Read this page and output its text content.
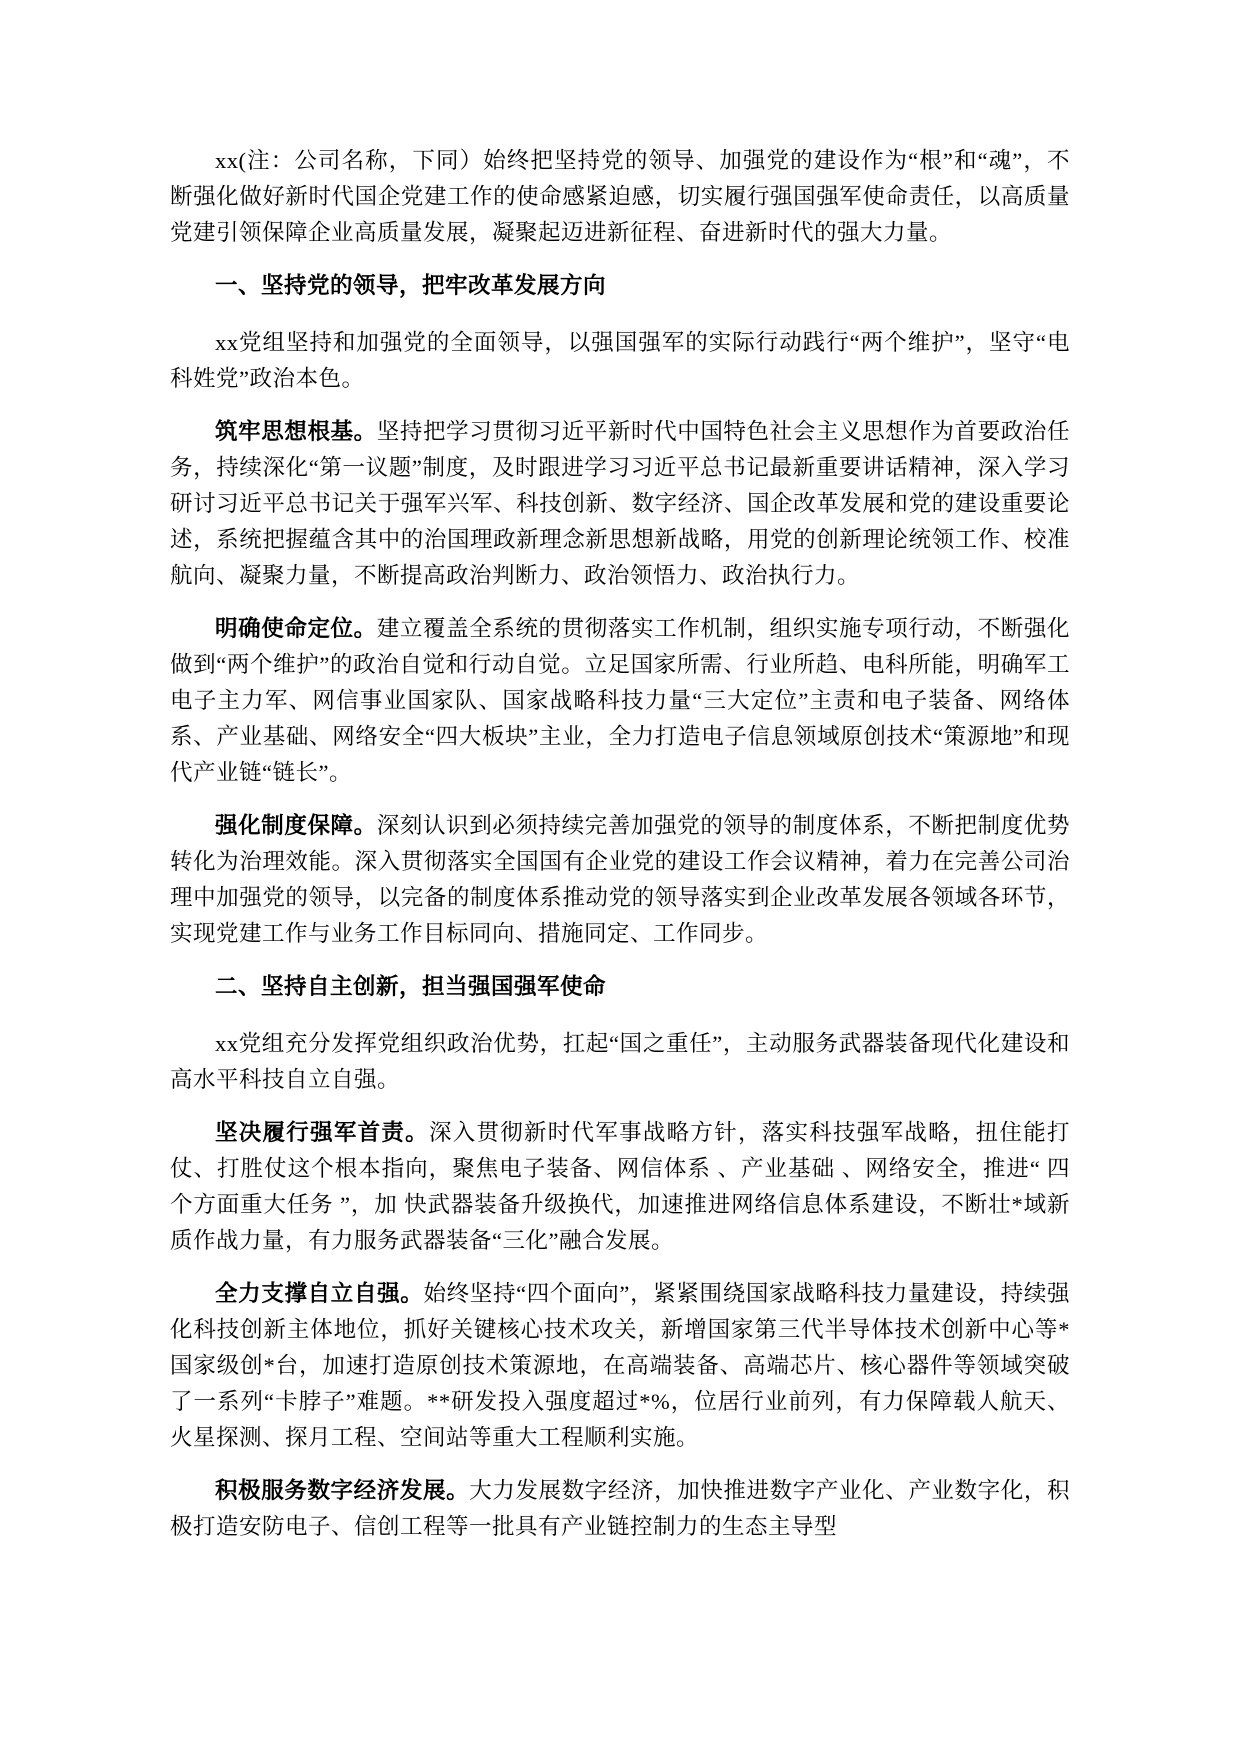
xx(注：公司名称，下同）始终把坚持党的领导、加强党的建设作为“根”和“魂”，不断强化做好新时代国企党建工作的使命感紧迫感，切实履行强国强军使命责任，以高质量党建引领保障企业高质量发展，凝聚起迈进新征程、奋进新时代的强大力量。

一、坚持党的领导，把牢改革发展方向

xx党组坚持和加强党的全面领导，以强国强军的实际行动践行“两个维护”，坚守“电科姓党”政治本色。

筑牢思想根基。坚持把学习贯彻习近平新时代中国特色社会主义思想作为首要政治任务，持续深化“第一议题”制度，及时跟进学习习近平总书记最新重要讲话精神，深入学习研讨习近平总书记关于强军兴军、科技创新、数字经济、国企改革发展和党的建设重要论述，系统把握蕴含其中的治国理政新理念新思想新战略，用党的创新理论统领工作、校准航向、凝聚力量，不断提高政治判断力、政治领悟力、政治执行力。

明确使命定位。建立覆盖全系统的贯彻落实工作机制，组织实施专项行动，不断强化做到“两个维护”的政治自觉和行动自觉。立足国家所需、行业所趋、电科所能，明确军工电子主力军、网信事业国家队、国家战略科技力量“三大定位”主责和电子装备、网络体系、产业基础、网络安全“四大板块”主业，全力打造电子信息领域原创技术“策源地”和现代产业链“链长”。

强化制度保障。深刻认识到必须持续完善加强党的领导的制度体系，不断把制度优势转化为治理效能。深入贯彻落实全国国有企业党的建设工作会议精神，着力在完善公司治理中加强党的领导，以完备的制度体系推动党的领导落实到企业改革发展各领域各环节，实现党建工作与业务工作目标同向、措施同定、工作同步。

二、坚持自主创新，担当强国强军使命

xx党组充分发挥党组织政治优势，扛起“国之重任”，主动服务武器装备现代化建设和高水平科技自立自强。

坚决履行强军首责。深入贯彻新时代军事战略方针，落实科技强军战略，扭住能打仗、打胜仗这个根本指向，聚焦电子装备、网信体系 、产业基础 、网络安全，推进“ 四个方面重大任务 ”，加 快武器装备升级换代，加速推进网络信息体系建设，不断壮*域新质作战力量，有力服务武器装备“三化”融合发展。

全力支撑自立自强。始终坚持“四个面向”，紧紧围绕国家战略科技力量建设，持续强化科技创新主体地位，抓好关键核心技术攻关，新增国家第三代半导体技术创新中心等*国家级创*台，加速打造原创技术策源地，在高端装备、高端芯片、核心器件等领域突破了一系列“卡脖子”难题。**研发投入强度超过*%，位居行业前列，有力保障载人航天、火星探测、探月工程、空间站等重大工程顺利实施。

积极服务数字经济发展。大力发展数字经济，加快推进数字产业化、产业数字化，积极打造安防电子、信创工程等一批具有产业链控制力的生态主导型
